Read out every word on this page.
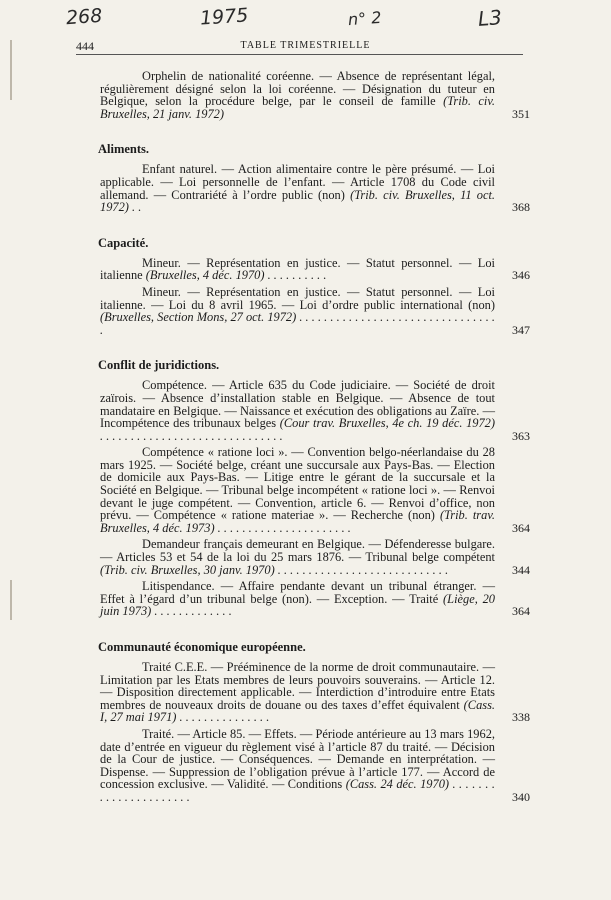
268	1975	n° 2	L3
444	TABLE TRIMESTRIELLE
Orphelin de nationalité coréenne. — Absence de représentant légal, régulièrement désigné selon la loi coréenne. — Désignation du tuteur en Belgique, selon la procédure belge, par le conseil de famille (Trib. civ. Bruxelles, 21 janv. 1972)	351
Aliments.
Enfant naturel. — Action alimentaire contre le père présumé. — Loi applicable. — Loi personnelle de l’enfant. — Article 1708 du Code civil allemand. — Contrariété à l’ordre public (non) (Trib. civ. Bruxelles, 11 oct. 1972) . .	368
Capacité.
Mineur. — Représentation en justice. — Statut personnel. — Loi italienne (Bruxelles, 4 déc. 1970) . . . . . . . . . .	346
Mineur. — Représentation en justice. — Statut personnel. — Loi italienne. — Loi du 8 avril 1965. — Loi d’ordre public international (non) (Bruxelles, Section Mons, 27 oct. 1972) . . . . . . . . . . . . . . . . . . . . . . . . . . . . . . . . .	347
Conflit de juridictions.
Compétence. — Article 635 du Code judiciaire. — Société de droit zaïrois. — Absence d’installation stable en Belgique. — Absence de tout mandataire en Belgique. — Naissance et exécution des obligations au Zaïre. — Incompétence des tribunaux belges (Cour trav. Bruxelles, 4e ch. 19 déc. 1972) . . . . . . . . . . . . . . . . . . . . . . . . . . . . . .	363
Compétence « ratione loci ». — Convention belgo-néerlandaise du 28 mars 1925. — Société belge, créant une succursale aux Pays-Bas. — Election de domicile aux Pays-Bas. — Litige entre le gérant de la succursale et la Société en Belgique. — Tribunal belge incompétent « ratione loci ». — Renvoi devant le juge compétent. — Convention, article 6. — Renvoi d’office, non prévu. — Compétence « ratione materiae ». — Recherche (non) (Trib. trav. Bruxelles, 4 déc. 1973) . . . . . . . . . . . . . . . . . . . . . .	364
Demandeur français demeurant en Belgique. — Défenderesse bulgare. — Articles 53 et 54 de la loi du 25 mars 1876. — Tribunal belge compétent (Trib. civ. Bruxelles, 30 janv. 1970) . . . . . . . . . . . . . . . . . . . . . . . . . . . .	344
Litispendance. — Affaire pendante devant un tribunal étranger. — Effet à l’égard d’un tribunal belge (non). — Exception. — Traité (Liège, 20 juin 1973) . . . . . . . . . . . . .	364
Communauté économique européenne.
Traité C.E.E. — Prééminence de la norme de droit communautaire. — Limitation par les Etats membres de leurs pouvoirs souverains. — Article 12. — Disposition directement applicable. — Interdiction d’introduire entre Etats membres de nouveaux droits de douane ou des taxes d’effet équivalent (Cass. I, 27 mai 1971) . . . . . . . . . . . . . . .	338
Traité. — Article 85. — Effets. — Période antérieure au 13 mars 1962, date d’entrée en vigueur du règlement visé à l’article 87 du traité. — Décision de la Cour de justice. — Conséquences. — Demande en interprétation. — Dispense. — Suppression de l’obligation prévue à l’article 177. — Accord de concession exclusive. — Validité. — Conditions (Cass. 24 déc. 1970) . . . . . . . . . . . . . . . . . . . . . .	340
